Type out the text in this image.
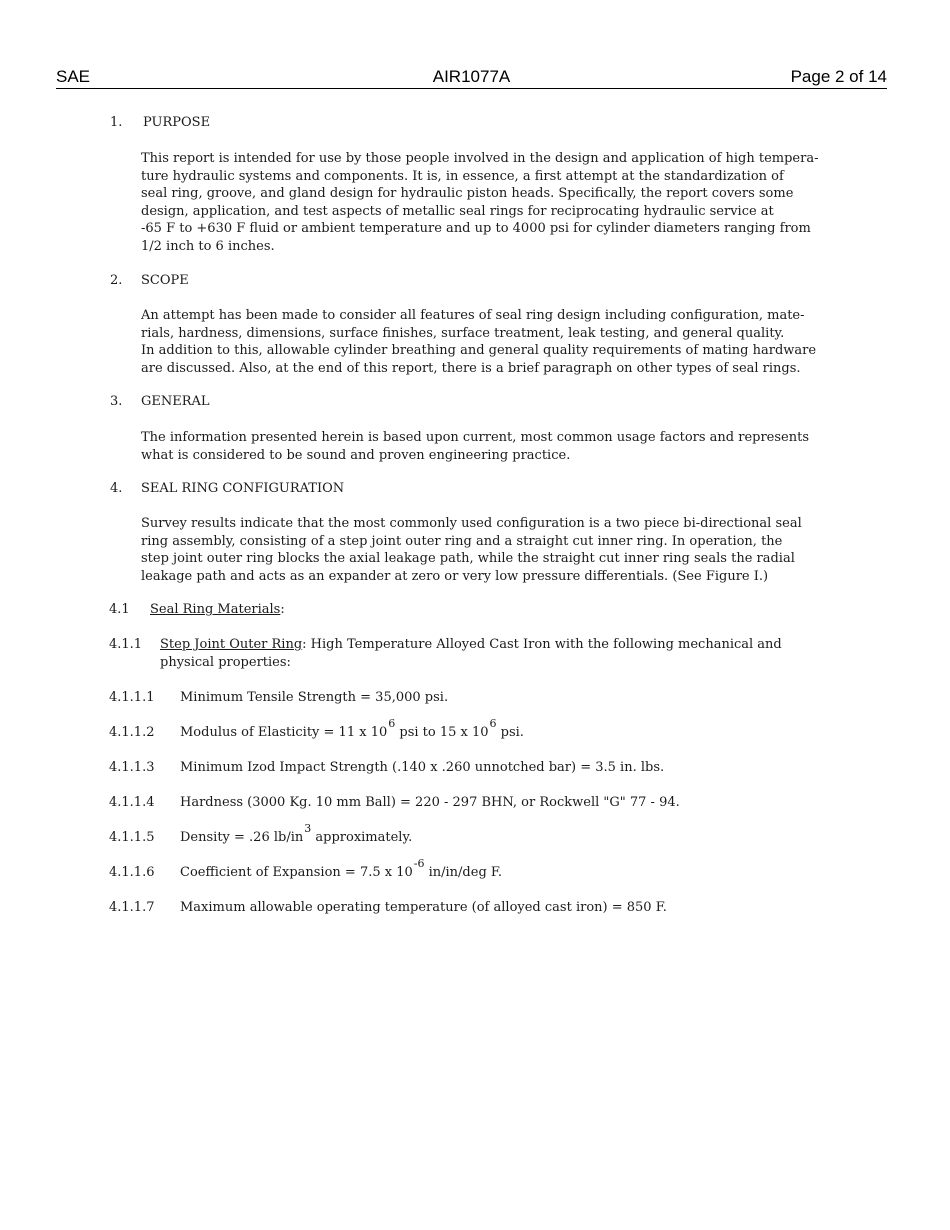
SAE	AIR1077A	Page 2 of 14
1. PURPOSE
This report is intended for use by those people involved in the design and application of high tempera-
ture hydraulic systems and components. It is, in essence, a first attempt at the standardization of
seal ring, groove, and gland design for hydraulic piston heads. Specifically, the report covers some
design, application, and test aspects of metallic seal rings for reciprocating hydraulic service at
-65 F to +630 F fluid or ambient temperature and up to 4000 psi for cylinder diameters ranging from
1/2 inch to 6 inches.
2. SCOPE
An attempt has been made to consider all features of seal ring design including configuration, mate-
rials, hardness, dimensions, surface finishes, surface treatment, leak testing, and general quality.
In addition to this, allowable cylinder breathing and general quality requirements of mating hardware
are discussed. Also, at the end of this report, there is a brief paragraph on other types of seal rings.
3. GENERAL
The information presented herein is based upon current, most common usage factors and represents
what is considered to be sound and proven engineering practice.
4. SEAL RING CONFIGURATION
Survey results indicate that the most commonly used configuration is a two piece bi-directional seal
ring assembly, consisting of a step joint outer ring and a straight cut inner ring. In operation, the
step joint outer ring blocks the axial leakage path, while the straight cut inner ring seals the radial
leakage path and acts as an expander at zero or very low pressure differentials. (See Figure I.)
4.1 Seal Ring Materials:
4.1.1 Step Joint Outer Ring: High Temperature Alloyed Cast Iron with the following mechanical and
physical properties:
4.1.1.1 Minimum Tensile Strength = 35,000 psi.
4.1.1.2 Modulus of Elasticity = 11 x $10^6$ psi to 15 x $10^6$ psi.
4.1.1.3 Minimum Izod Impact Strength (.140 x .260 unnotched bar) = 3.5 in. lbs.
4.1.1.4 Hardness (3000 Kg. 10 mm Ball) = 220 - 297 BHN, or Rockwell "G" 77 - 94.
4.1.1.5 Density = .26 $lb/in^3$ approximately.
4.1.1.6 Coefficient of Expansion = 7.5 x $10^{-6}$ in/in/deg F.
4.1.1.7 Maximum allowable operating temperature (of alloyed cast iron) = 850 F.
